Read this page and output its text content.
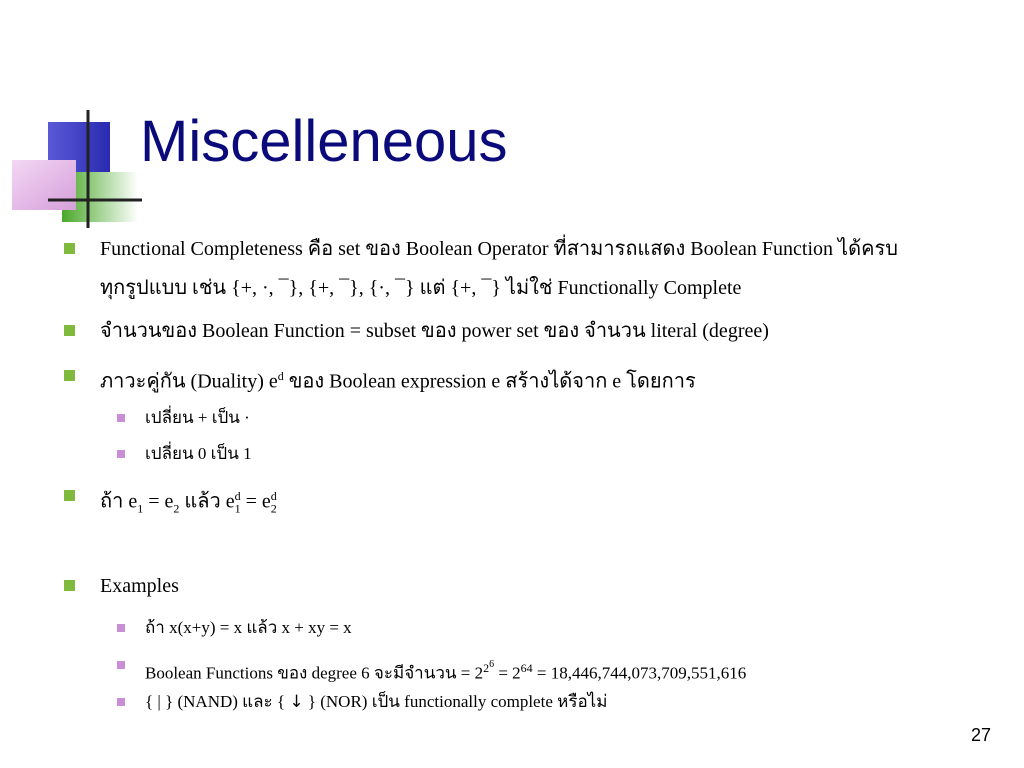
Miscelleneous
Functional Completeness คือ set ของ Boolean Operator ที่สามารถแสดง Boolean Function ได้ครบ
ทุกรูปแบบ เช่น {+, ·, ¯}, {+, ¯}, {·, ¯} แต่ {+, ¯} ไม่ใช่ Functionally Complete
จำนวนของ Boolean Function = subset ของ power set ของ จำนวน literal (degree)
ภาวะคู่กัน (Duality) $e^d$ ของ Boolean expression e สร้างได้จาก e โดยการ
เปลี่ยน + เป็น ·
เปลี่ยน 0 เป็น 1
ถ้า $e_1 = e_2$ แล้ว $e_1^d = e_2^d$
Examples
ถ้า x(x+y) = x แล้ว x + xy = x
Boolean Functions ของ degree 6 จะมีจำนวน = $2^{2^6} = 2^{64} = 18,446,744,073,709,551,616$
{ | } (NAND) และ { ↓ } (NOR) เป็น functionally complete หรือไม่
27
